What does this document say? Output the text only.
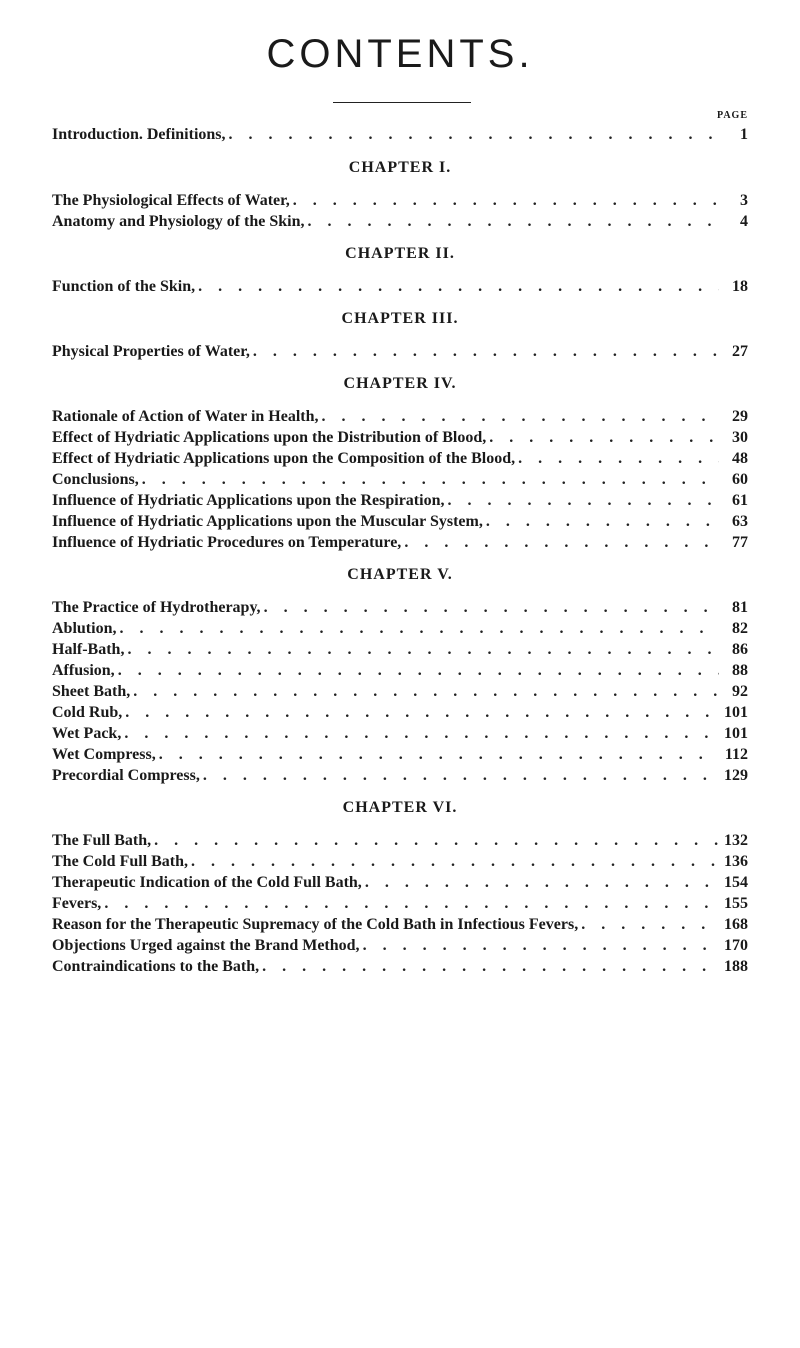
CONTENTS.
PAGE
Introduction. Definitions, . . .	1
CHAPTER I.
The Physiological Effects of Water, . . .	3
Anatomy and Physiology of the Skin, . . .	4
CHAPTER II.
Function of the Skin, . . .	18
CHAPTER III.
Physical Properties of Water, . . .	27
CHAPTER IV.
Rationale of Action of Water in Health, . . .	29
Effect of Hydriatic Applications upon the Distribution of Blood, . . .	30
Effect of Hydriatic Applications upon the Composition of the Blood, . . .	48
Conclusions, . . .	60
Influence of Hydriatic Applications upon the Respiration, . . .	61
Influence of Hydriatic Applications upon the Muscular System, . . .	63
Influence of Hydriatic Procedures on Temperature, . . .	77
CHAPTER V.
The Practice of Hydrotherapy, . . .	81
Ablution, . . .	82
Half-Bath, . . .	86
Affusion, . . .	88
Sheet Bath, . . .	92
Cold Rub, . . .	101
Wet Pack, . . .	101
Wet Compress, . . .	112
Precordial Compress, . . .	129
CHAPTER VI.
The Full Bath, . . .	132
The Cold Full Bath, . . .	136
Therapeutic Indication of the Cold Full Bath, . . .	154
Fevers, . . .	155
Reason for the Therapeutic Supremacy of the Cold Bath in Infectious Fevers, . . .	168
Objections Urged against the Brand Method, . . .	170
Contraindications to the Bath, . . .	188
